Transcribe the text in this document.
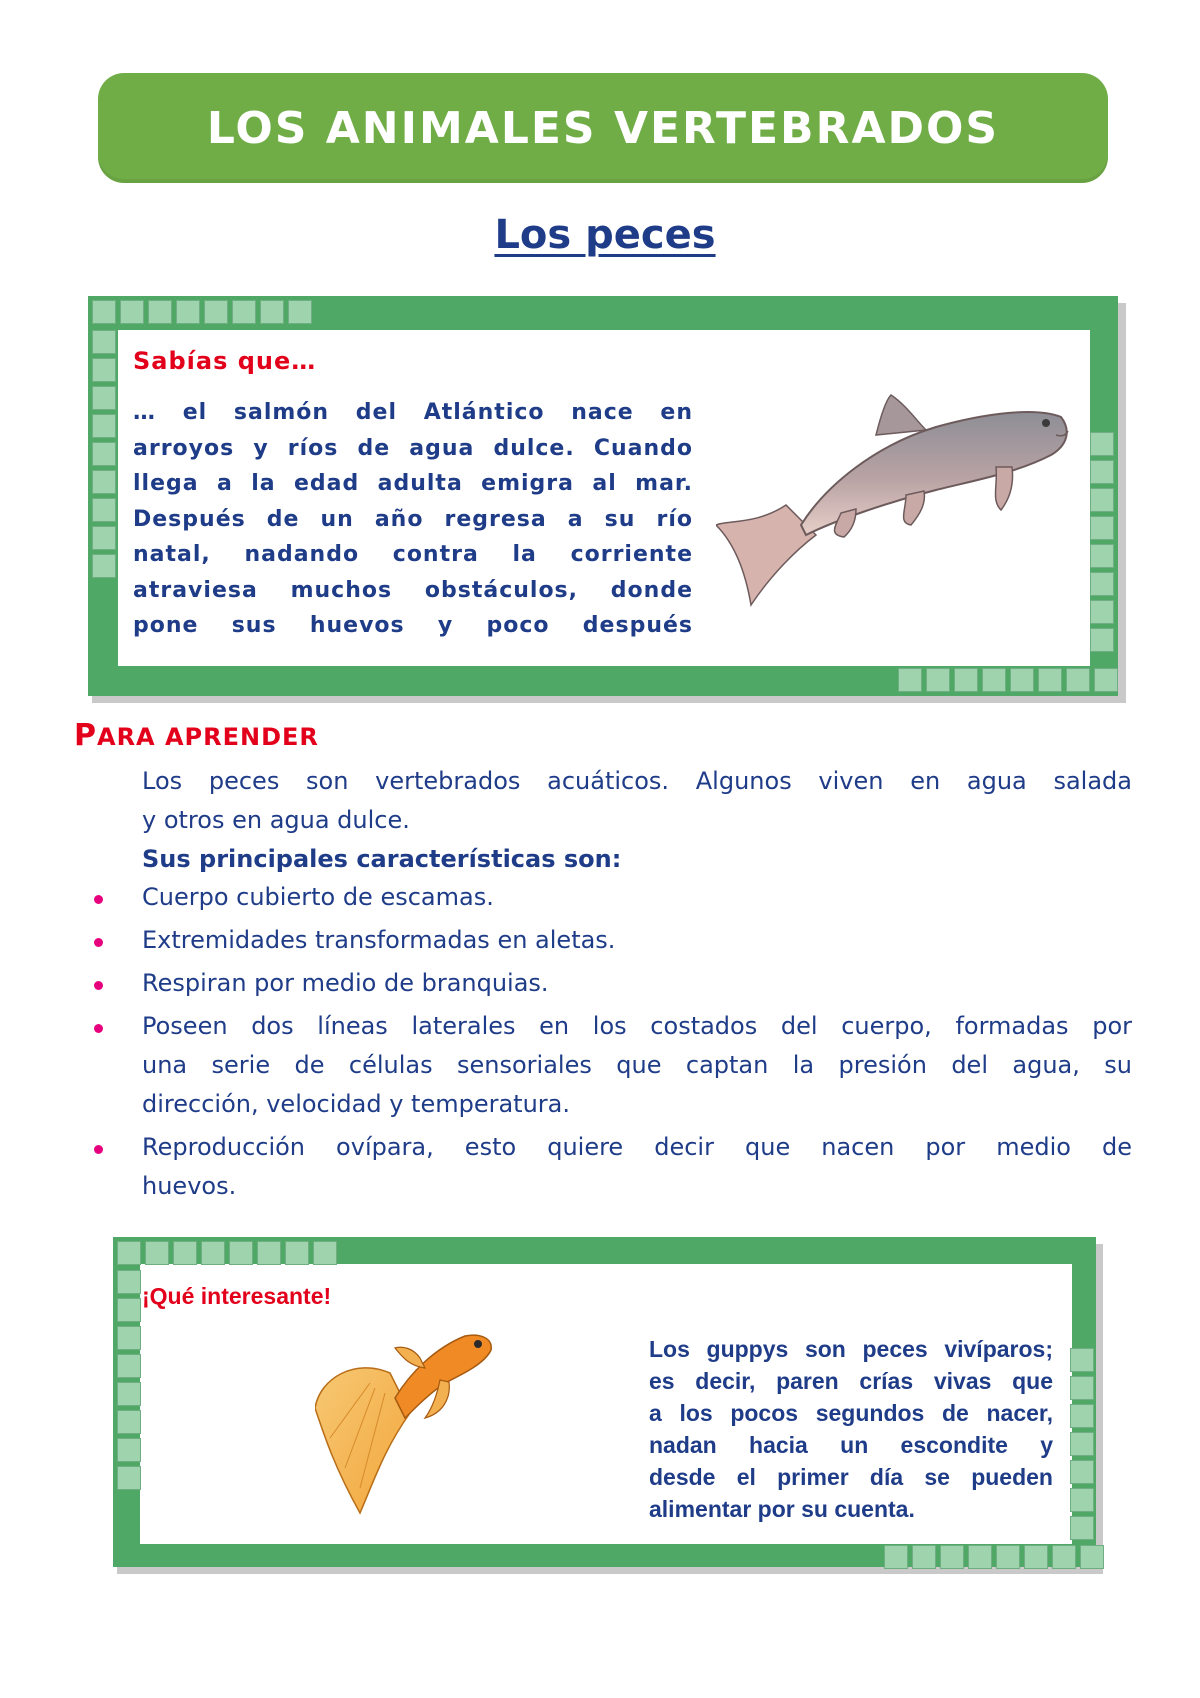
LOS ANIMALES VERTEBRADOS
Los peces
Sabías que…
… el salmón del Atlántico nace en
arroyos y ríos de agua dulce. Cuando
llega a la edad adulta emigra al mar.
Después de un año regresa a su río
natal, nadando contra la corriente
atraviesa muchos obstáculos, donde
pone sus huevos y poco después
PARA APRENDER
Los peces son vertebrados acuáticos. Algunos viven en agua salada
y otros en agua dulce.
Sus principales características son:
Cuerpo cubierto de escamas.
Extremidades transformadas en aletas.
Respiran por medio de branquias.
Poseen dos líneas laterales en los costados del cuerpo, formadas por
una serie de células sensoriales que captan la presión del agua, su
dirección, velocidad y temperatura.
Reproducción ovípara, esto quiere decir que nacen por medio de
huevos.
¡Qué interesante!
Los guppys son peces vivíparos;
es decir, paren crías vivas que
a los pocos segundos de nacer,
nadan hacia un escondite y
desde el primer día se pueden
alimentar por su cuenta.
